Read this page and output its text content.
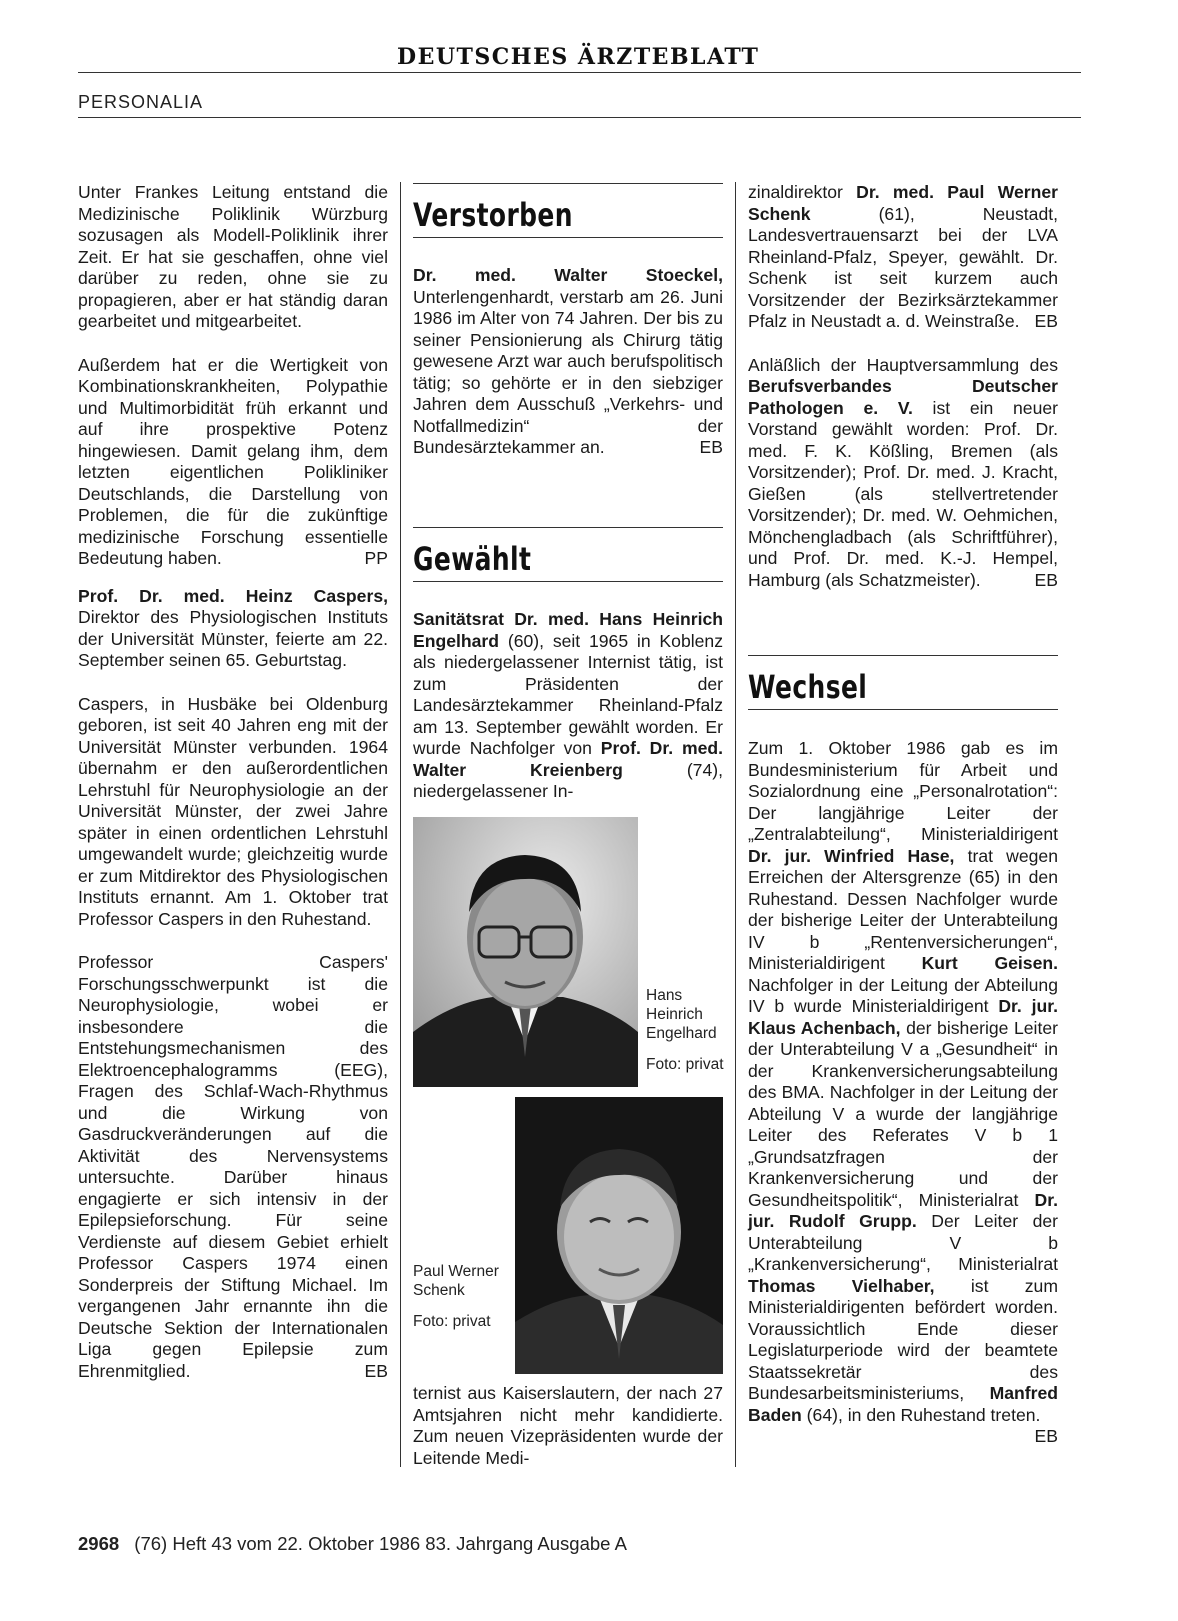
DEUTSCHES ÄRZTEBLATT
PERSONALIA
Unter Frankes Leitung entstand die Medizinische Poliklinik Würzburg sozusagen als Modell-Poliklinik ihrer Zeit. Er hat sie geschaffen, ohne viel darüber zu reden, ohne sie zu propagieren, aber er hat ständig daran gearbeitet und mitgearbeitet.
Außerdem hat er die Wertigkeit von Kombinationskrankheiten, Polypathie und Multimorbidität früh erkannt und auf ihre prospektive Potenz hingewiesen. Damit gelang ihm, dem letzten eigentlichen Polikliniker Deutschlands, die Darstellung von Problemen, die für die zukünftige medizinische Forschung essentielle Bedeutung haben.	PP
Prof. Dr. med. Heinz Caspers, Direktor des Physiologischen Instituts der Universität Münster, feierte am 22. September seinen 65. Geburtstag.
Caspers, in Husbäke bei Oldenburg geboren, ist seit 40 Jahren eng mit der Universität Münster verbunden. 1964 übernahm er den außerordentlichen Lehrstuhl für Neurophysiologie an der Universität Münster, der zwei Jahre später in einen ordentlichen Lehrstuhl umgewandelt wurde; gleichzeitig wurde er zum Mitdirektor des Physiologischen Instituts ernannt. Am 1. Oktober trat Professor Caspers in den Ruhestand.
Professor Caspers' Forschungsschwerpunkt ist die Neurophysiologie, wobei er insbesondere die Entstehungsmechanismen des Elektroencephalogramms (EEG), Fragen des Schlaf-Wach-Rhythmus und die Wirkung von Gasdruckveränderungen auf die Aktivität des Nervensystems untersuchte. Darüber hinaus engagierte er sich intensiv in der Epilepsieforschung. Für seine Verdienste auf diesem Gebiet erhielt Professor Caspers 1974 einen Sonderpreis der Stiftung Michael. Im vergangenen Jahr ernannte ihn die Deutsche Sektion der Internationalen Liga gegen Epilepsie zum Ehrenmitglied.	EB
Verstorben
Dr. med. Walter Stoeckel, Unterlengenhardt, verstarb am 26. Juni 1986 im Alter von 74 Jahren. Der bis zu seiner Pensionierung als Chirurg tätig gewesene Arzt war auch berufspolitisch tätig; so gehörte er in den siebziger Jahren dem Ausschuß „Verkehrs- und Notfallmedizin“ der Bundesärztekammer an.	EB
Gewählt
Sanitätsrat Dr. med. Hans Heinrich Engelhard (60), seit 1965 in Koblenz als niedergelassener Internist tätig, ist zum Präsidenten der Landesärztekammer Rheinland-Pfalz am 13. September gewählt worden. Er wurde Nachfolger von Prof. Dr. med. Walter Kreienberg	(74), niedergelassener In-
Hans Heinrich Engelhard
Foto: privat
Paul Werner Schenk
Foto: privat
ternist aus Kaiserslautern, der nach 27 Amtsjahren nicht mehr kandidierte. Zum neuen Vizepräsidenten wurde der Leitende Medi-
zinaldirektor Dr. med. Paul Werner Schenk	(61), Neustadt, Landesvertrauensarzt bei der LVA Rheinland-Pfalz, Speyer, gewählt. Dr. Schenk ist seit kurzem auch Vorsitzender der Bezirksärztekammer Pfalz in Neustadt a. d. Weinstraße. EB
Anläßlich der Hauptversammlung des Berufsverbandes Deutscher Pathologen e. V. ist ein neuer Vorstand gewählt worden: Prof. Dr. med. F. K. Kößling, Bremen (als Vorsitzender); Prof. Dr. med. J. Kracht, Gießen (als stellvertretender Vorsitzender); Dr. med. W. Oehmichen, Mönchengladbach (als Schriftführer), und Prof. Dr. med. K.-J. Hempel, Hamburg (als Schatzmeister).	EB
Wechsel
Zum 1. Oktober 1986 gab es im Bundesministerium für Arbeit und Sozialordnung eine „Personalrotation“: Der langjährige Leiter der „Zentralabteilung“, Ministerialdirigent Dr. jur. Winfried Hase, trat wegen Erreichen der Altersgrenze (65) in den Ruhestand. Dessen Nachfolger wurde der bisherige Leiter der Unterabteilung IV b „Rentenversicherungen“, Ministerialdirigent Kurt Geisen. Nachfolger in der Leitung der Abteilung IV b wurde Ministerialdirigent Dr. jur. Klaus Achenbach, der bisherige Leiter der Unterabteilung V a „Gesundheit“ in der Krankenversicherungsabteilung des BMA. Nachfolger in der Leitung der Abteilung V a wurde der langjährige Leiter des Referates V b 1 „Grundsatzfragen der Krankenversicherung und der Gesundheitspolitik“, Ministerialrat Dr. jur. Rudolf Grupp. Der Leiter der Unterabteilung V b „Krankenversicherung“, Ministerialrat Thomas Vielhaber, ist zum Ministerialdirigenten befördert worden. Voraussichtlich Ende dieser Legislaturperiode wird der beamtete Staatssekretär des Bundesarbeitsministeriums, Manfred Baden (64), in den Ruhestand treten.
EB
2968 (76) Heft 43 vom 22. Oktober 1986 83. Jahrgang Ausgabe A
